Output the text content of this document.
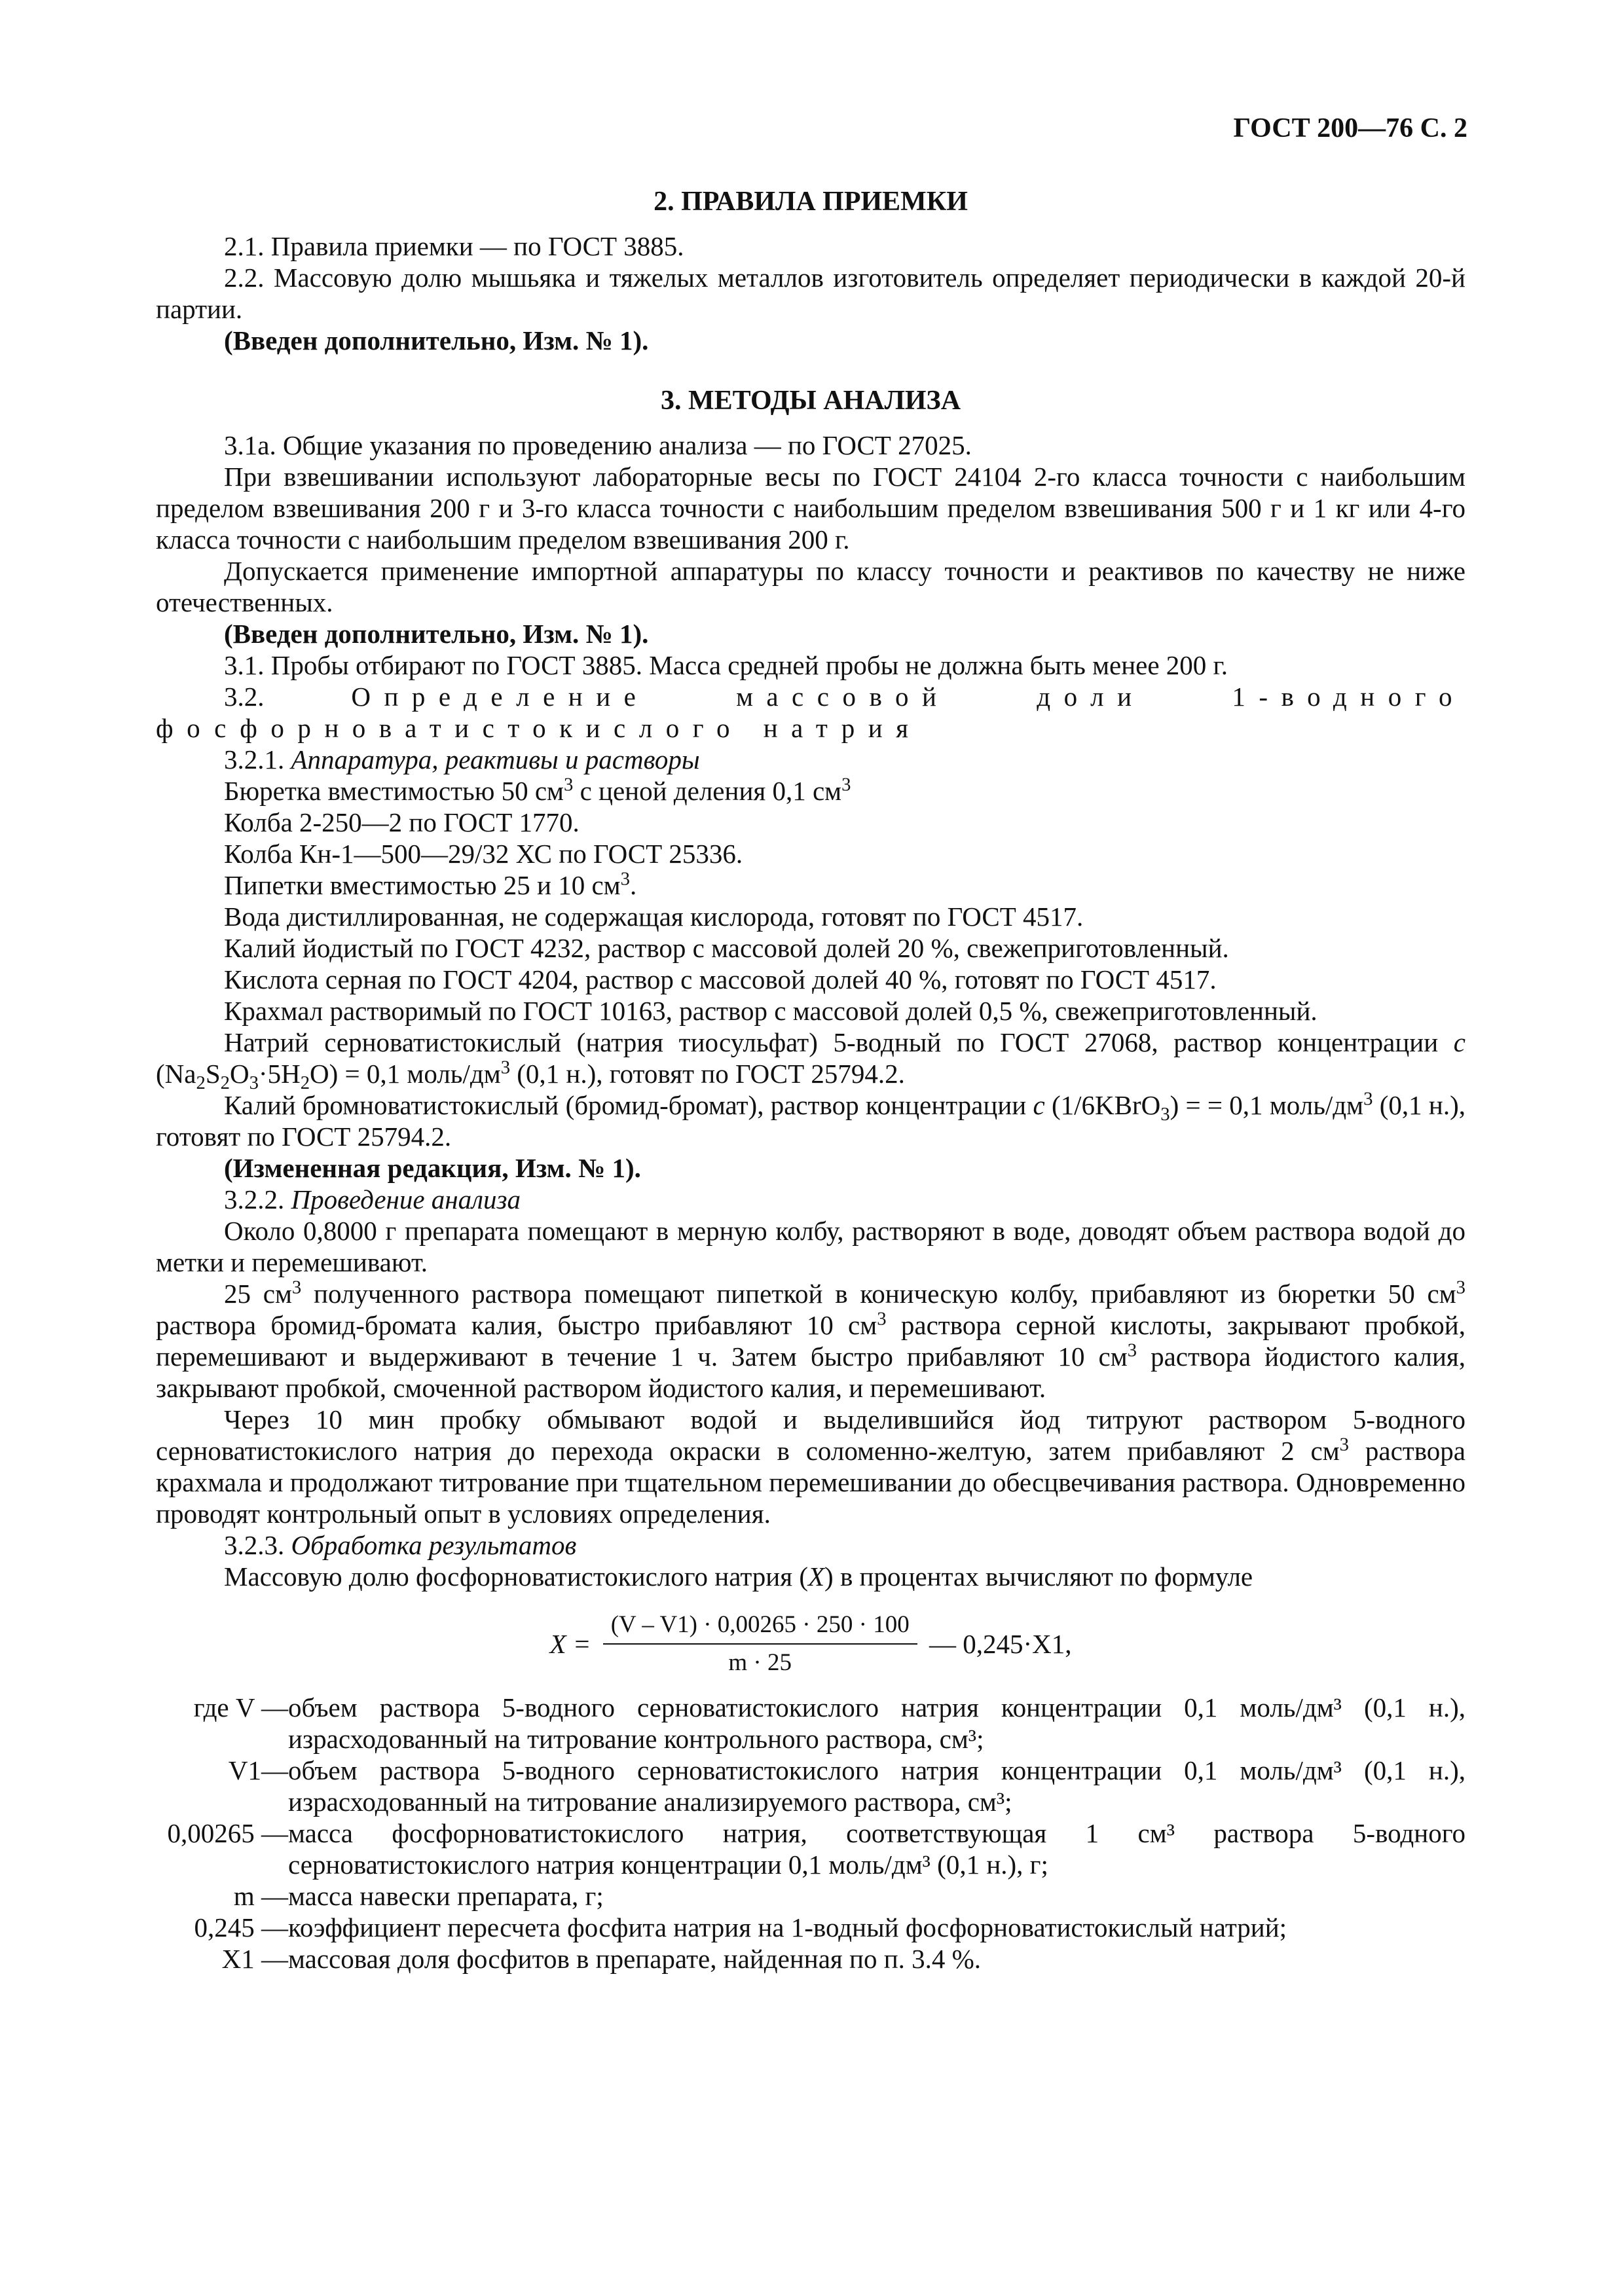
ГОСТ 200—76 С. 2
2. ПРАВИЛА ПРИЕМКИ

2.1. Правила приемки — по ГОСТ 3885.

2.2. Массовую долю мышьяка и тяжелых металлов изготовитель определяет периодически в каждой 20-й партии.

(Введен дополнительно, Изм. № 1).

3. МЕТОДЫ АНАЛИЗА

3.1а. Общие указания по проведению анализа — по ГОСТ 27025.

При взвешивании используют лабораторные весы по ГОСТ 24104 2-го класса точности с наибольшим пределом взвешивания 200 г и 3-го класса точности с наибольшим пределом взвешивания 500 г и 1 кг или 4-го класса точности с наибольшим пределом взвешивания 200 г.

Допускается применение импортной аппаратуры по классу точности и реактивов по качеству не ниже отечественных.

(Введен дополнительно, Изм. № 1).

3.1. Пробы отбирают по ГОСТ 3885. Масса средней пробы не должна быть менее 200 г.

3.2.	Определение массовой доли 1-водного фосфорноватистокислого натрия

3.2.1. Аппаратура, реактивы и растворы

Бюретка вместимостью 50 $см^3$ с ценой деления 0,1 $см^3$

Колба 2-250—2 по ГОСТ 1770.

Колба Кн-1—500—29/32 ХС по ГОСТ 25336.

Пипетки вместимостью 25 и 10 $см^3$.

Вода дистиллированная, не содержащая кислорода, готовят по ГОСТ 4517.

Калий йодистый по ГОСТ 4232, раствор с массовой долей 20 %, свежеприготовленный.

Кислота серная по ГОСТ 4204, раствор с массовой долей 40 %, готовят по ГОСТ 4517.

Крахмал растворимый по ГОСТ 10163, раствор с массовой долей 0,5 %, свежеприготовленный.

Натрий серноватистокислый (натрия тиосульфат) 5-водный по ГОСТ 27068, раствор концентрации c $(Na_2S_2O_3\cdot 5H_2O) = 0,1$ моль/$дм^3$ (0,1 н.), готовят по ГОСТ 25794.2.

Калий бромноватистокислый (бромид-бромат), раствор концентрации c (1/6KBrO$_3$) = = 0,1 моль/$дм^3$ (0,1 н.), готовят по ГОСТ 25794.2.

(Измененная редакция, Изм. № 1).

3.2.2. Проведение анализа

Около 0,8000 г препарата помещают в мерную колбу, растворяют в воде, доводят объем раствора водой до метки и перемешивают.

25 $см^3$ полученного раствора помещают пипеткой в коническую колбу, прибавляют из бюретки 50 $см^3$ раствора бромид-бромата калия, быстро прибавляют 10 $см^3$ раствора серной кислоты, закрывают пробкой, перемешивают и выдерживают в течение 1 ч. Затем быстро прибавляют 10 $см^3$ раствора йодистого калия, закрывают пробкой, смоченной раствором йодистого калия, и перемешивают.

Через 10 мин пробку обмывают водой и выделившийся йод титруют раствором 5-водного серноватистокислого натрия до перехода окраски в соломенно-желтую, затем прибавляют 2 $см^3$ раствора крахмала и продолжают титрование при тщательном перемешивании до обесцвечивания раствора. Одновременно проводят контрольный опыт в условиях определения.

3.2.3. Обработка результатов

Массовую долю фосфорноватистокислого натрия (X) в процентах вычисляют по формуле

$X = \frac{(V - V1) \cdot 0,00265 \cdot 250 \cdot 100}{m \cdot 25}$ — 0,245·X1,
где V —	объем раствора 5-водного серноватистокислого натрия концентрации 0,1 моль/дм³ (0,1 н.), израсходованный на титрование контрольного раствора, см³;
V1—	объем раствора 5-водного серноватистокислого натрия концентрации 0,1 моль/дм³ (0,1 н.), израсходованный на титрование анализируемого раствора, см³;
0,00265 —	масса фосфорноватистокислого натрия, соответствующая 1 см³ раствора 5-водного серноватистокислого натрия концентрации 0,1 моль/дм³ (0,1 н.), г;
m —	масса навески препарата, г;
0,245 —	коэффициент пересчета фосфита натрия на 1-водный фосфорноватистокислый натрий;
X1 —	массовая доля фосфитов в препарате, найденная по п. 3.4 %.
